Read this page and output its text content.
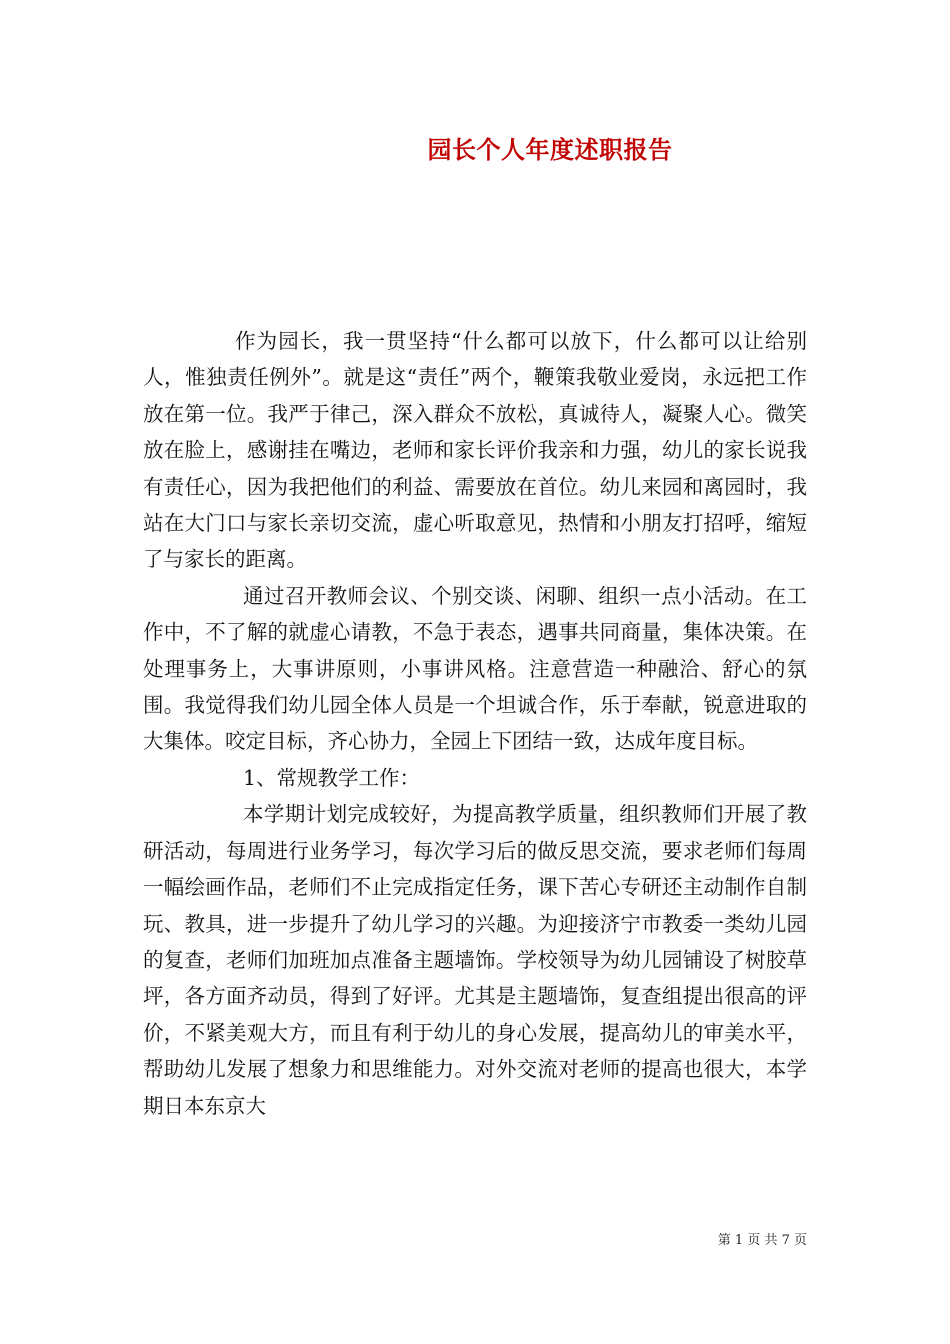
园长个人年度述职报告

作为园长，我一贯坚持“什么都可以放下，什么都可以让给别人，惟独责任例外”。就是这“责任”两个，鞭策我敬业爱岗，永远把工作放在第一位。我严于律己，深入群众不放松，真诚待人，凝聚人心。微笑放在脸上，感谢挂在嘴边，老师和家长评价我亲和力强，幼儿的家长说我有责任心，因为我把他们的利益、需要放在首位。幼儿来园和离园时，我站在大门口与家长亲切交流，虚心听取意见，热情和小朋友打招呼，缩短了与家长的距离。

通过召开教师会议、个别交谈、闲聊、组织一点小活动。在工作中，不了解的就虚心请教，不急于表态，遇事共同商量，集体决策。在处理事务上，大事讲原则，小事讲风格。注意营造一种融洽、舒心的氛围。我觉得我们幼儿园全体人员是一个坦诚合作，乐于奉献，锐意进取的大集体。咬定目标，齐心协力，全园上下团结一致，达成年度目标。

1、常规教学工作：

本学期计划完成较好，为提高教学质量，组织教师们开展了教研活动，每周进行业务学习，每次学习后的做反思交流，要求老师们每周一幅绘画作品，老师们不止完成指定任务，课下苦心专研还主动制作自制玩、教具，进一步提升了幼儿学习的兴趣。为迎接济宁市教委一类幼儿园的复查，老师们加班加点准备主题墙饰。学校领导为幼儿园铺设了树胶草坪，各方面齐动员，得到了好评。尤其是主题墙饰，复查组提出很高的评价，不紧美观大方，而且有利于幼儿的身心发展，提高幼儿的审美水平，帮助幼儿发展了想象力和思维能力。对外交流对老师的提高也很大，本学期日本东京大

第 1 页 共 7 页
